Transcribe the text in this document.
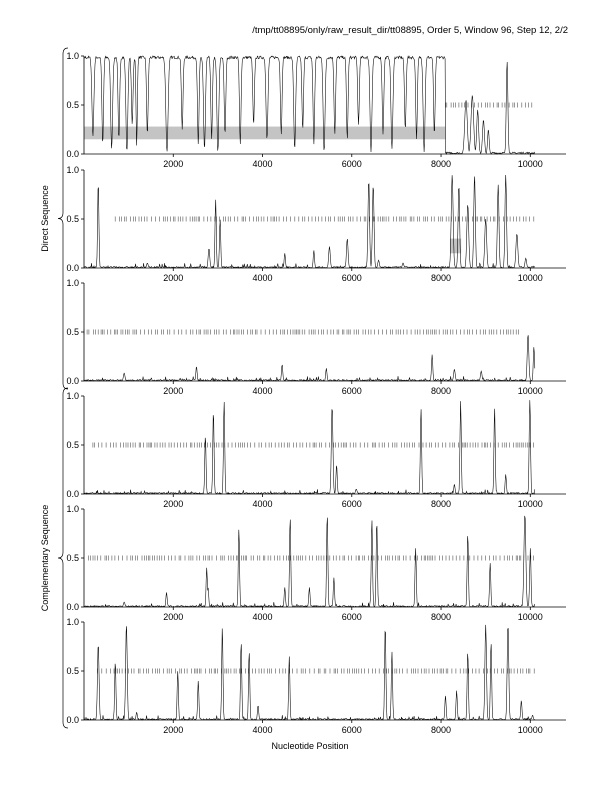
/tmp/tt08895/only/raw_result_dir/tt08895, Order 5, Window 96, Step 12, 2/2
0.0
0.5
1.0
2000	4000	6000	8000	10000
0.0
0.5
1.0
2000	4000	6000	8000	10000
0.0
0.5
1.0
2000	4000	6000	8000	10000
0.0
0.5
1.0
2000	4000	6000	8000	10000
0.0
0.5
1.0
2000	4000	6000	8000	10000
0.0
0.5
1.0
2000	4000	6000	8000	10000
Direct Sequence
Complementary Sequence
Nucleotide Position
